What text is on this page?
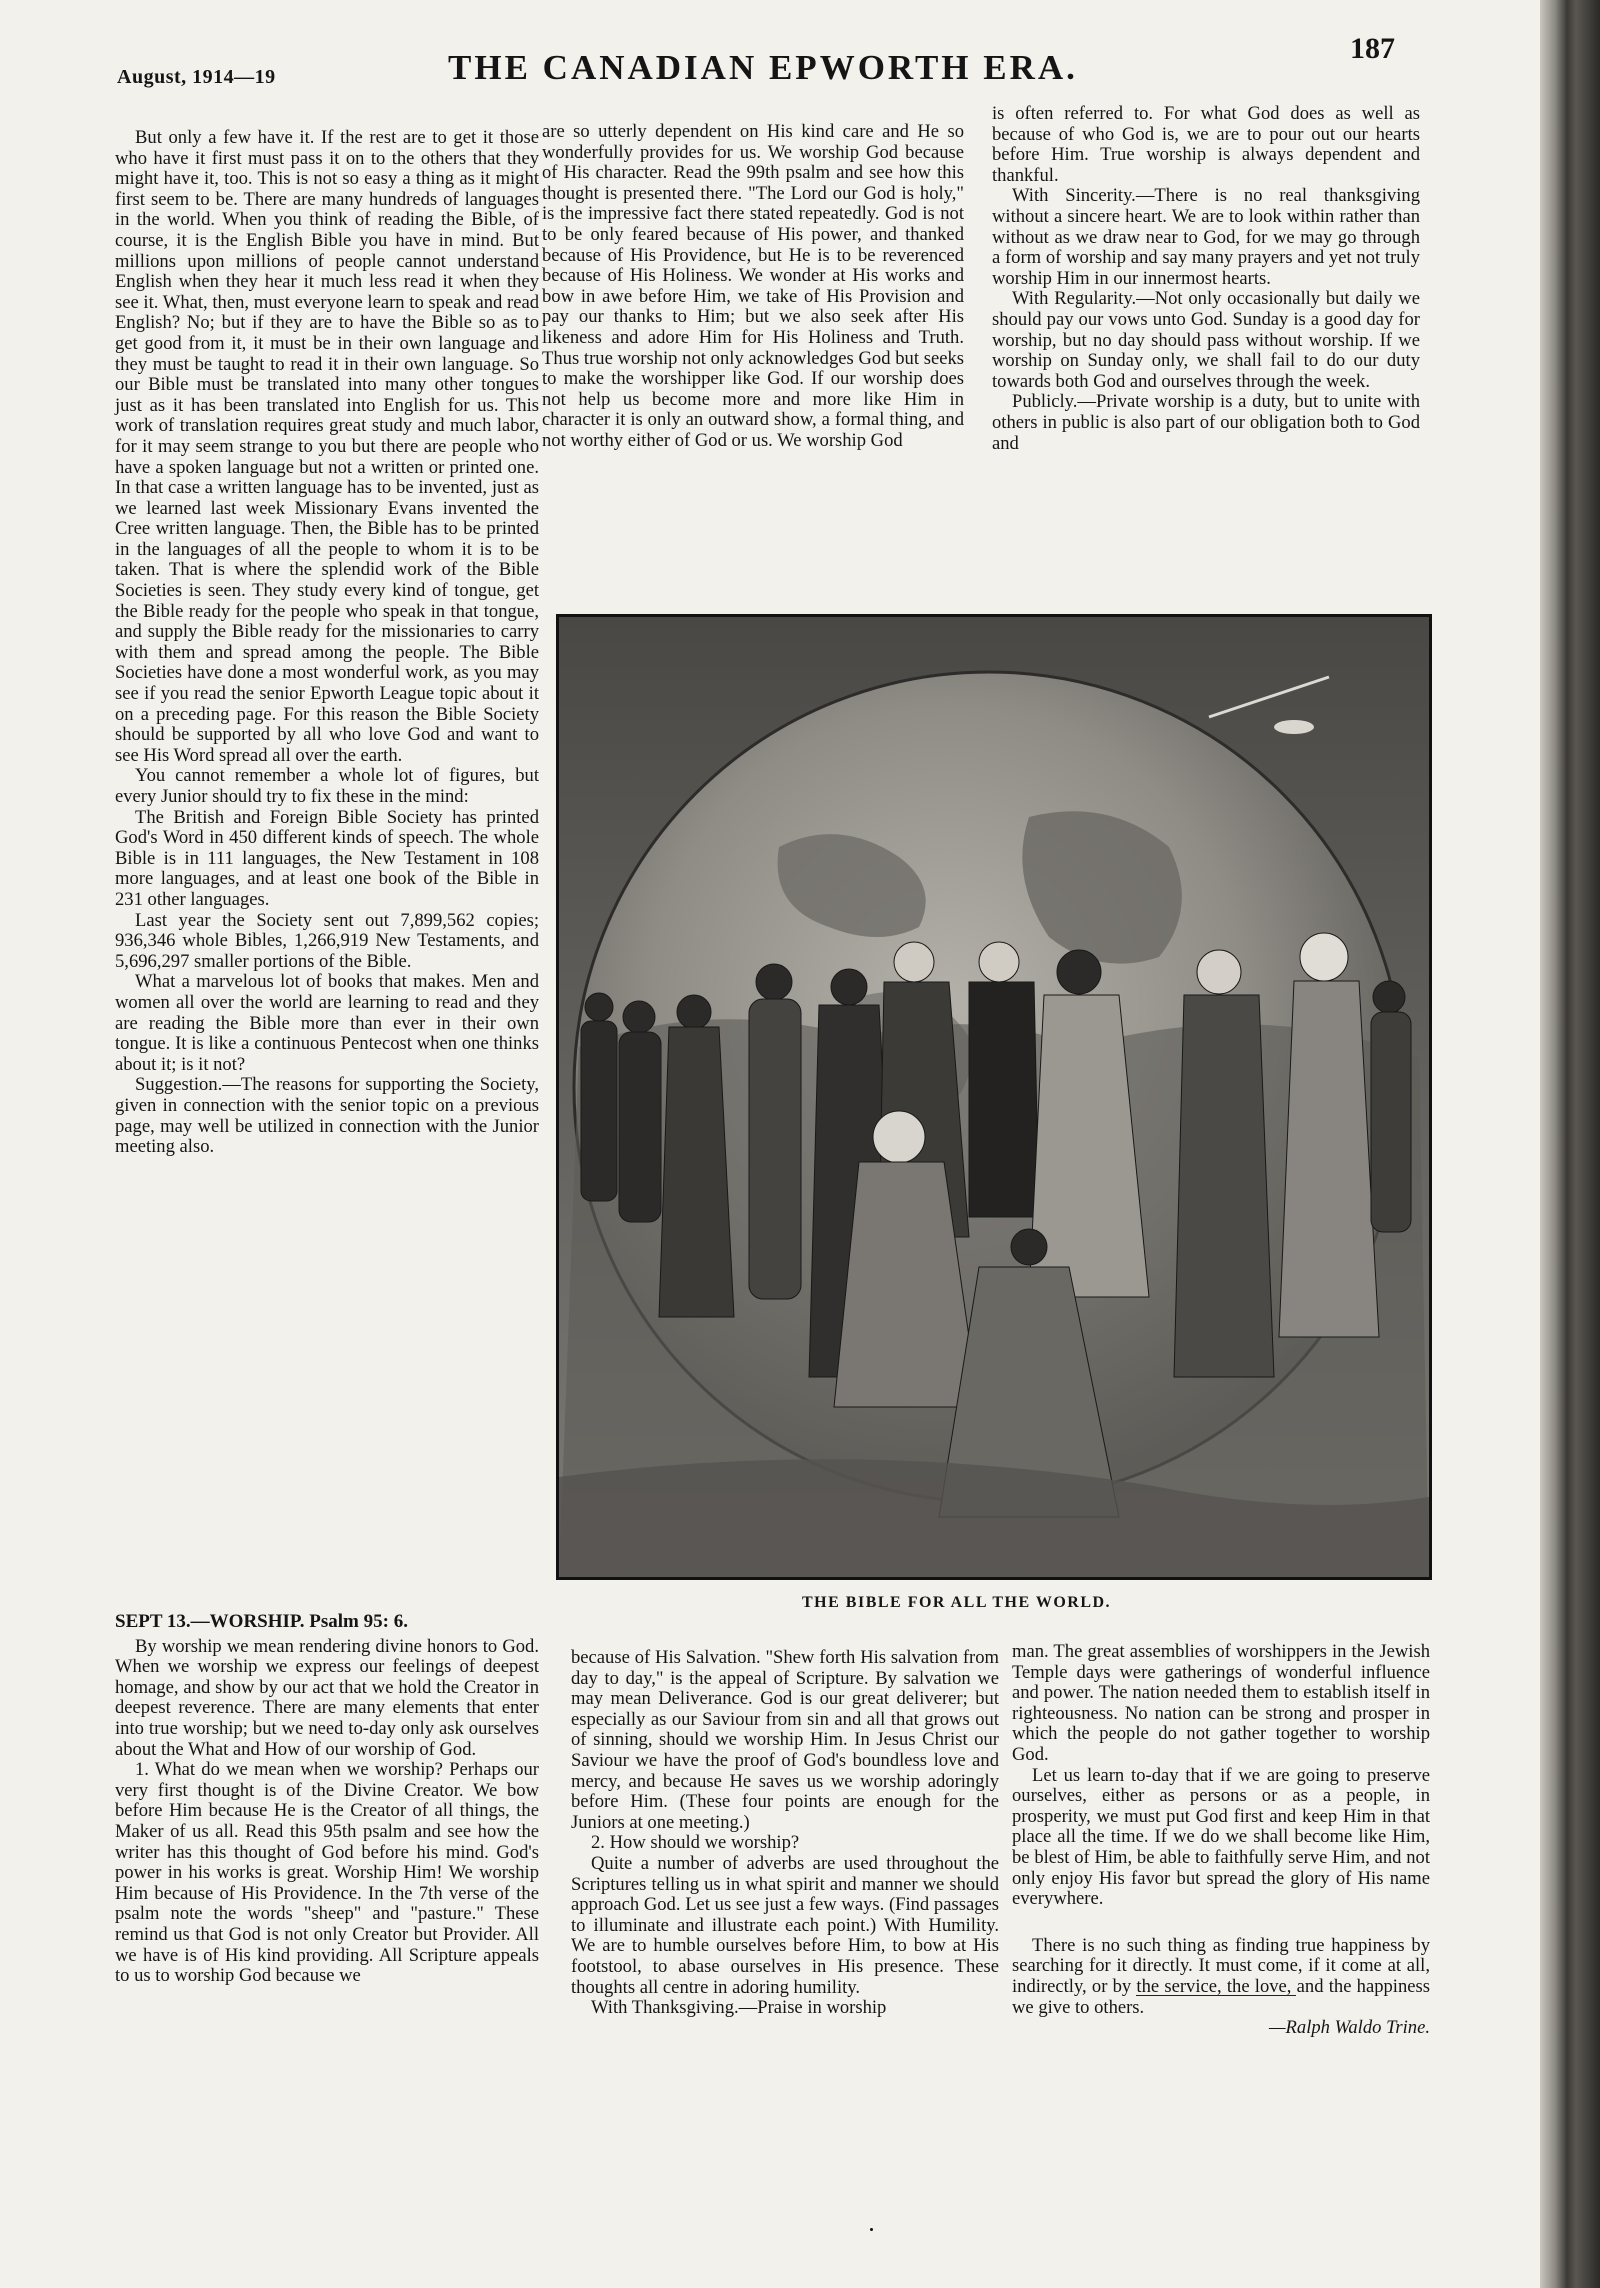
August, 1914—19	THE CANADIAN EPWORTH ERA.	187

But only a few have it. If the rest are to get it those who have it first must pass it on to the others that they might have it, too. This is not so easy a thing as it might first seem to be. There are many hundreds of languages in the world. When you think of reading the Bible, of course, it is the English Bible you have in mind. But millions upon millions of people cannot understand English when they hear it much less read it when they see it. What, then, must everyone learn to speak and read English? No; but if they are to have the Bible so as to get good from it, it must be in their own language and they must be taught to read it in their own language. So our Bible must be translated into many other tongues just as it has been translated into English for us. This work of translation requires great study and much labor, for it may seem strange to you but there are people who have a spoken language but not a written or printed one. In that case a written language has to be invented, just as we learned last week Missionary Evans invented the Cree written language. Then, the Bible has to be printed in the languages of all the people to whom it is to be taken. That is where the splendid work of the Bible Societies is seen. They study every kind of tongue, get the Bible ready for the people who speak in that tongue, and supply the Bible ready for the missionaries to carry with them and spread among the people. The Bible Societies have done a most wonderful work, as you may see if you read the senior Epworth League topic about it on a preceding page. For this reason the Bible Society should be supported by all who love God and want to see His Word spread all over the earth.

You cannot remember a whole lot of figures, but every Junior should try to fix these in the mind:

The British and Foreign Bible Society has printed God's Word in 450 different kinds of speech. The whole Bible is in 111 languages, the New Testament in 108 more languages, and at least one book of the Bible in 231 other languages.

Last year the Society sent out 7,899,562 copies; 936,346 whole Bibles, 1,266,919 New Testaments, and 5,696,297 smaller portions of the Bible.

What a marvelous lot of books that makes. Men and women all over the world are learning to read and they are reading the Bible more than ever in their own tongue. It is like a continuous Pentecost when one thinks about it; is it not?

Suggestion.—The reasons for supporting the Society, given in connection with the senior topic on a previous page, may well be utilized in connection with the Junior meeting also.

are so utterly dependent on His kind care and He so wonderfully provides for us. We worship God because of His character. Read the 99th psalm and see how this thought is presented there. "The Lord our God is holy," is the impressive fact there stated repeatedly. God is not to be only feared because of His power, and thanked because of His Providence, but He is to be reverenced because of His Holiness. We wonder at His works and bow in awe before Him, we take of His Provision and pay our thanks to Him; but we also seek after His likeness and adore Him for His Holiness and Truth. Thus true worship not only acknowledges God but seeks to make the worshipper like God. If our worship does not help us become more and more like Him in character it is only an outward show, a formal thing, and not worthy either of God or us. We worship God

is often referred to. For what God does as well as because of who God is, we are to pour out our hearts before Him. True worship is always dependent and thankful.

With Sincerity.—There is no real thanksgiving without a sincere heart. We are to look within rather than without as we draw near to God, for we may go through a form of worship and say many prayers and yet not truly worship Him in our innermost hearts.

With Regularity.—Not only occasionally but daily we should pay our vows unto God. Sunday is a good day for worship, but no day should pass without worship. If we worship on Sunday only, we shall fail to do our duty towards both God and ourselves through the week.

Publicly.—Private worship is a duty, but to unite with others in public is also part of our obligation both to God and

THE BIBLE FOR ALL THE WORLD.

SEPT 13.—WORSHIP. Psalm 95: 6.

By worship we mean rendering divine honors to God. When we worship we express our feelings of deepest homage, and show by our act that we hold the Creator in deepest reverence. There are many elements that enter into true worship; but we need to-day only ask ourselves about the What and How of our worship of God.

1. What do we mean when we worship? Perhaps our very first thought is of the Divine Creator. We bow before Him because He is the Creator of all things, the Maker of us all. Read this 95th psalm and see how the writer has this thought of God before his mind. God's power in his works is great. Worship Him! We worship Him because of His Providence. In the 7th verse of the psalm note the words "sheep" and "pasture." These remind us that God is not only Creator but Provider. All we have is of His kind providing. All Scripture appeals to us to worship God because we

because of His Salvation. "Shew forth His salvation from day to day," is the appeal of Scripture. By salvation we may mean Deliverance. God is our great deliverer; but especially as our Saviour from sin and all that grows out of sinning, should we worship Him. In Jesus Christ our Saviour we have the proof of God's boundless love and mercy, and because He saves us we worship adoringly before Him. (These four points are enough for the Juniors at one meeting.)

2. How should we worship?

Quite a number of adverbs are used throughout the Scriptures telling us in what spirit and manner we should approach God. Let us see just a few ways. (Find passages to illuminate and illustrate each point.) With Humility. We are to humble ourselves before Him, to bow at His footstool, to abase ourselves in His presence. These thoughts all centre in adoring humility.

With Thanksgiving.—Praise in worship

man. The great assemblies of worshippers in the Jewish Temple days were gatherings of wonderful influence and power. The nation needed them to establish itself in righteousness. No nation can be strong and prosper in which the people do not gather together to worship God.

Let us learn to-day that if we are going to preserve ourselves, either as persons or as a people, in prosperity, we must put God first and keep Him in that place all the time. If we do we shall become like Him, be blest of Him, be able to faithfully serve Him, and not only enjoy His favor but spread the glory of His name everywhere.

There is no such thing as finding true happiness by searching for it directly. It must come, if it come at all, indirectly, or by the service, the love, and the happiness we give to others.

—Ralph Waldo Trine.
